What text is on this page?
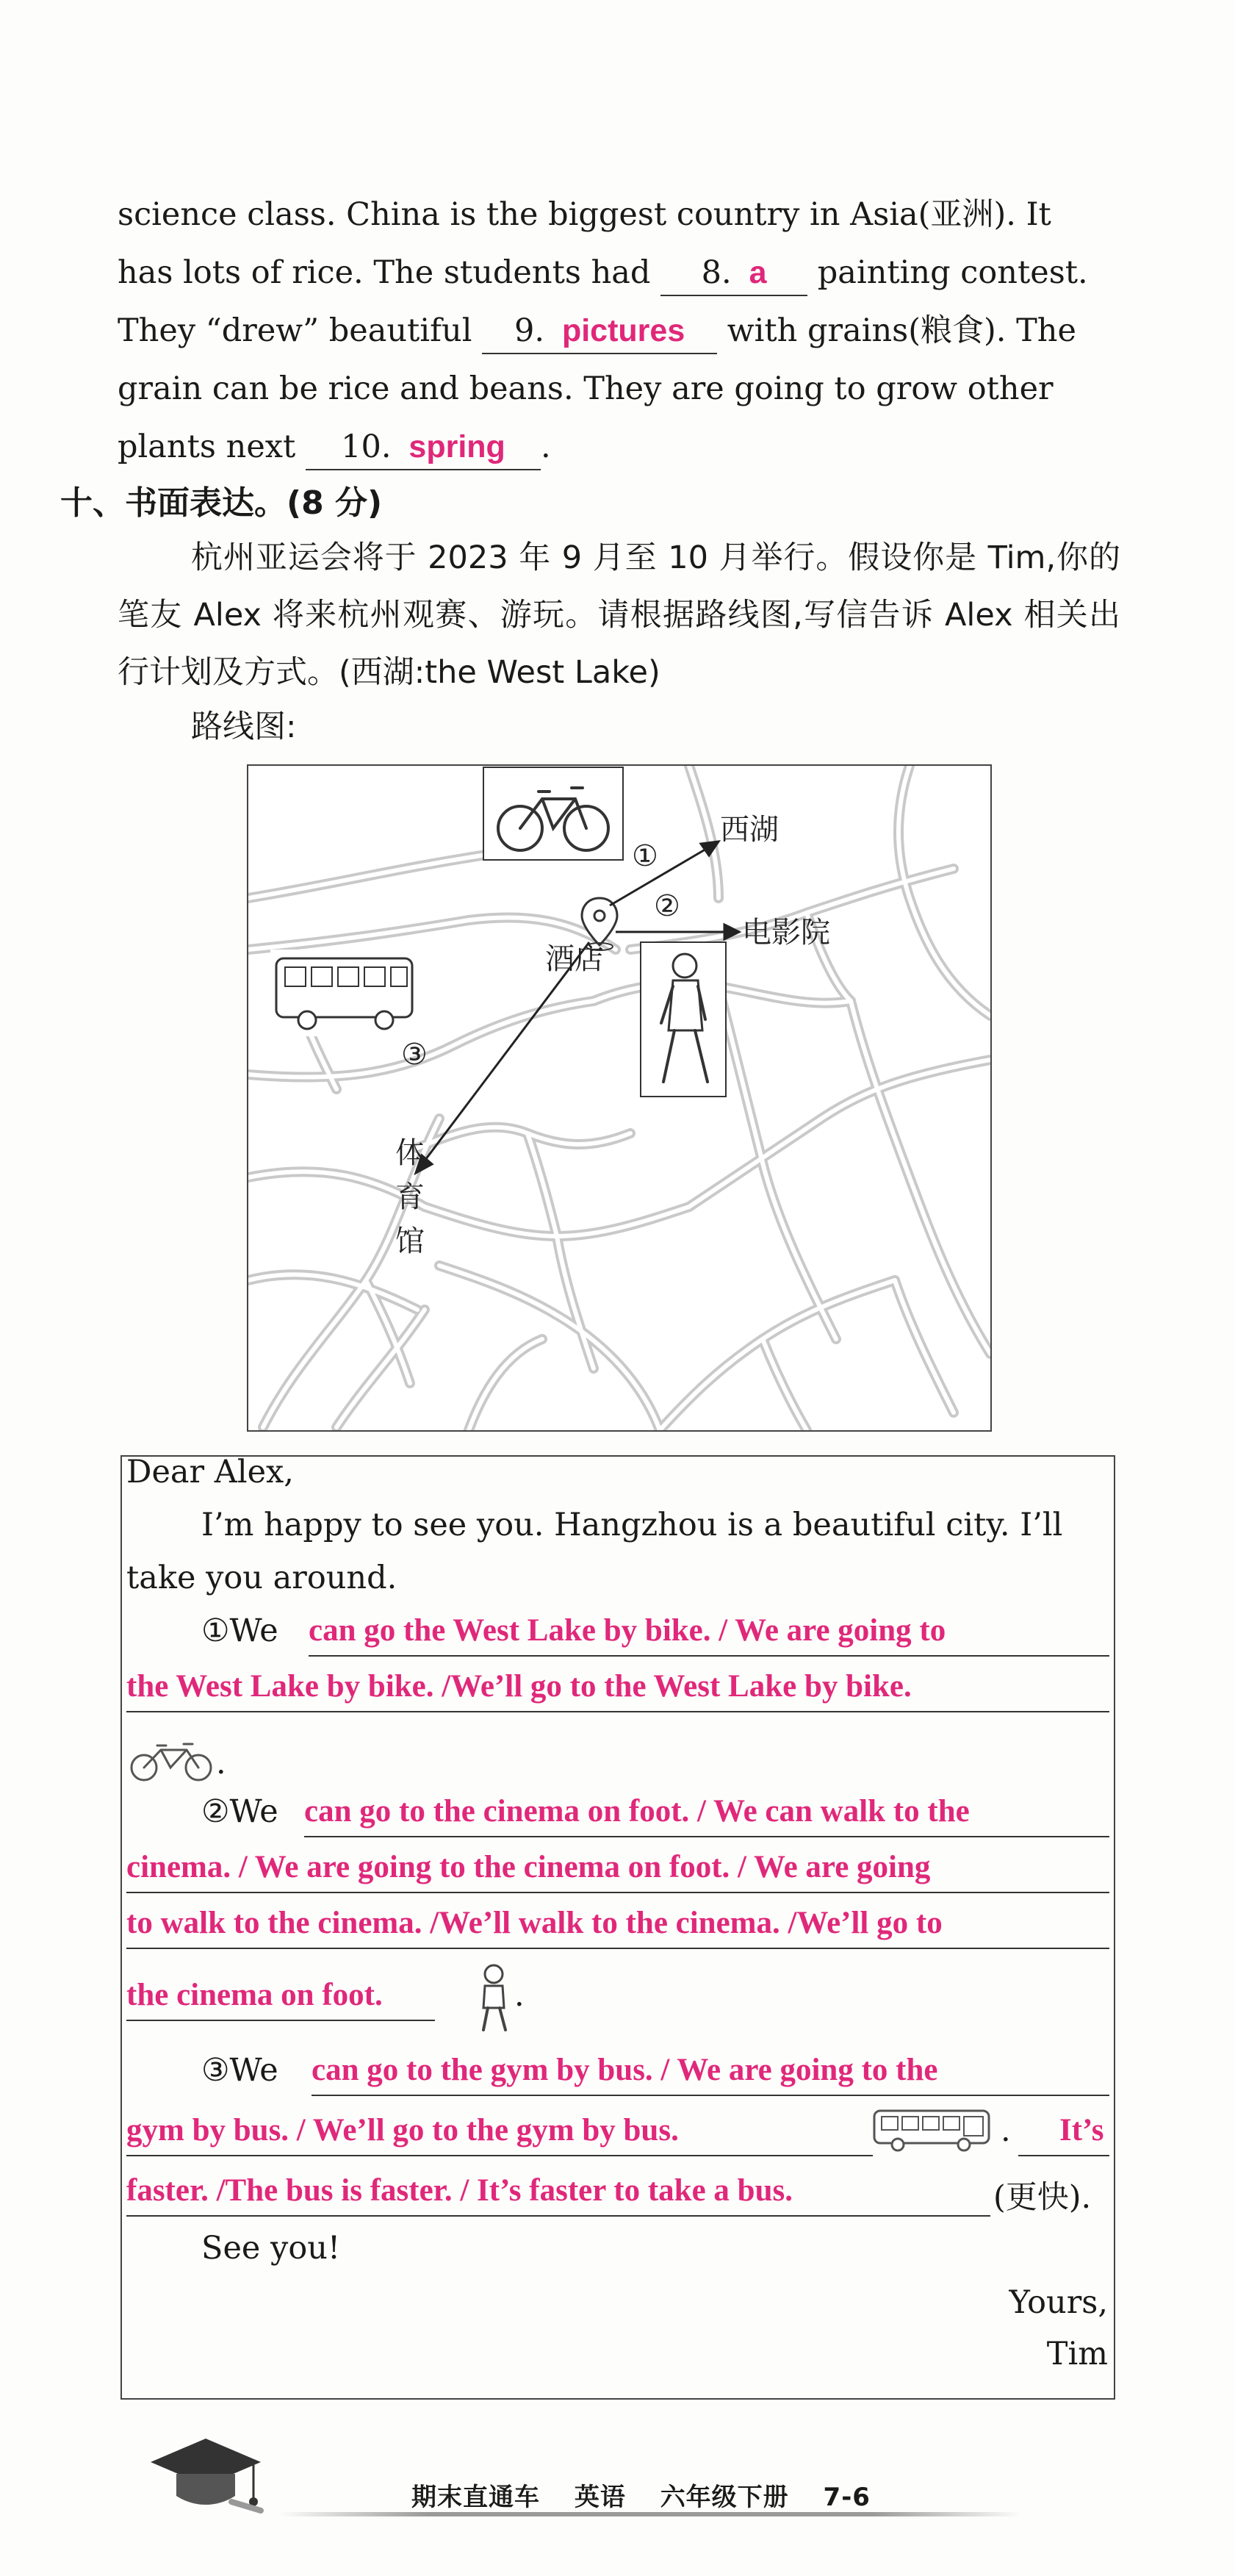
science class. China is the biggest country in Asia(亚洲). It

has lots of rice. The students had 8. a painting contest.

They “drew” beautiful 9. pictures with grains(粮食). The

grain can be rice and beans. They are going to grow other

plants next 10. spring .

十、书面表达。(8 分)

杭州亚运会将于 2023 年 9 月至 10 月举行。假设你是 Tim,你的笔友 Alex 将来杭州观赛、游玩。请根据路线图,写信告诉 Alex 相关出行计划及方式。(西湖:the West Lake)

路线图:
西湖
电影院
酒店
①
②
③
体
育
馆
Dear Alex,
I’m happy to see you. Hangzhou is a beautiful city. I’ll
take you around.
①We can go the West Lake by bike. / We are going to
the West Lake by bike. /We’ll go to the West Lake by bike.
.
②We can go to the cinema on foot. / We can walk to the
cinema. / We are going to the cinema on foot. / We are going
to walk to the cinema. /We’ll walk to the cinema. /We’ll go to
the cinema on foot.	.
③We can go to the gym by bus. / We are going to the
gym by bus. / We’ll go to the gym by bus.	. It’s
faster. /The bus is faster. / It’s faster to take a bus.	(更快).
See you!
Yours,
Tim
期末直通车 英语 六年级下册 7-6
